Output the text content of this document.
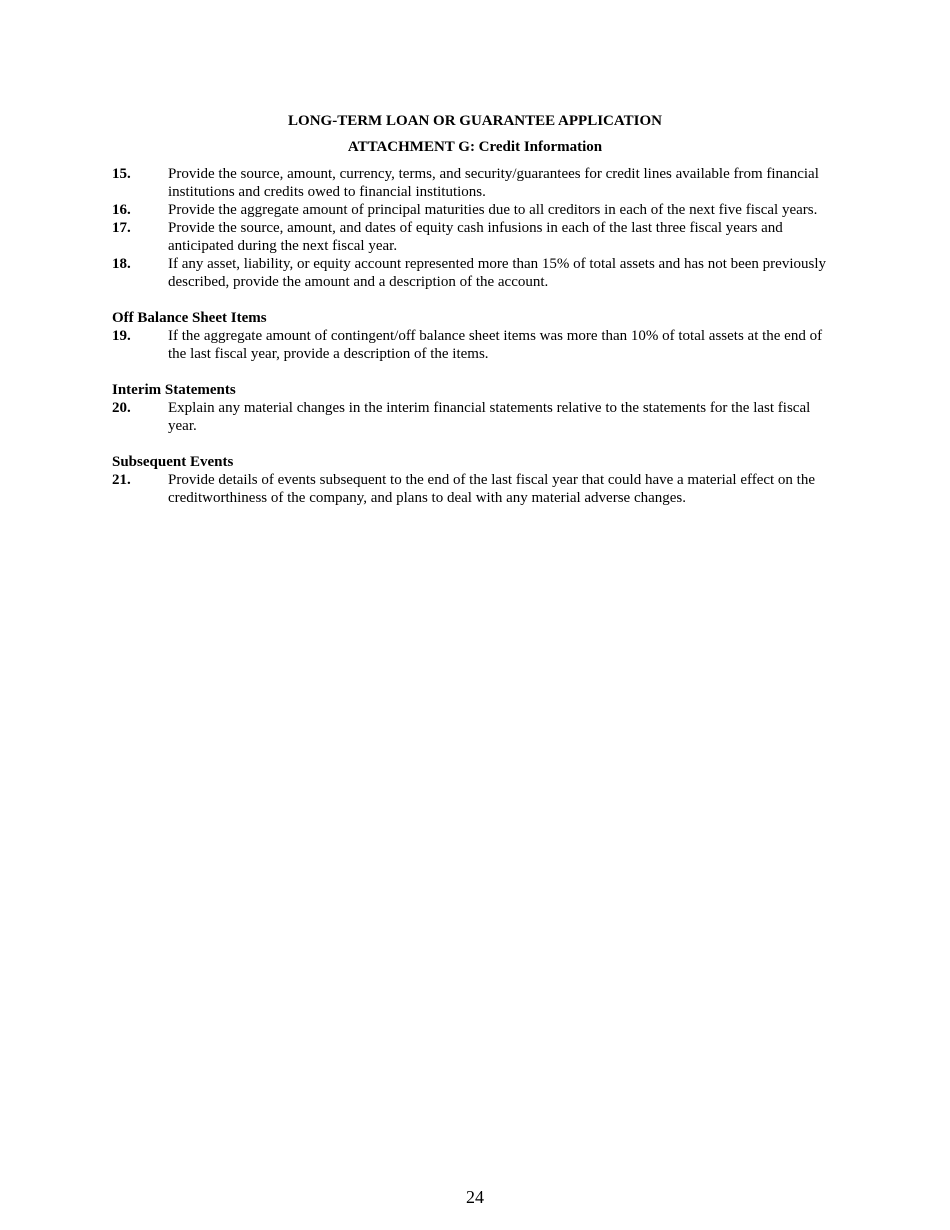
LONG-TERM LOAN OR GUARANTEE APPLICATION
ATTACHMENT G: Credit Information
15.	Provide the source, amount, currency, terms, and security/guarantees for credit lines available from financial institutions and credits owed to financial institutions.
16.	Provide the aggregate amount of principal maturities due to all creditors in each of the next five fiscal years.
17.	Provide the source, amount, and dates of equity cash infusions in each of the last three fiscal years and anticipated during the next fiscal year.
18.	If any asset, liability, or equity account represented more than 15% of total assets and has not been previously described, provide the amount and a description of the account.
Off Balance Sheet Items
19.	If the aggregate amount of contingent/off balance sheet items was more than 10% of total assets at the end of the last fiscal year, provide a description of the items.
Interim Statements
20.	Explain any material changes in the interim financial statements relative to the statements for the last fiscal year.
Subsequent Events
21.	Provide details of events subsequent to the end of the last fiscal year that could have a material effect on the creditworthiness of the company, and plans to deal with any material adverse changes.
24
